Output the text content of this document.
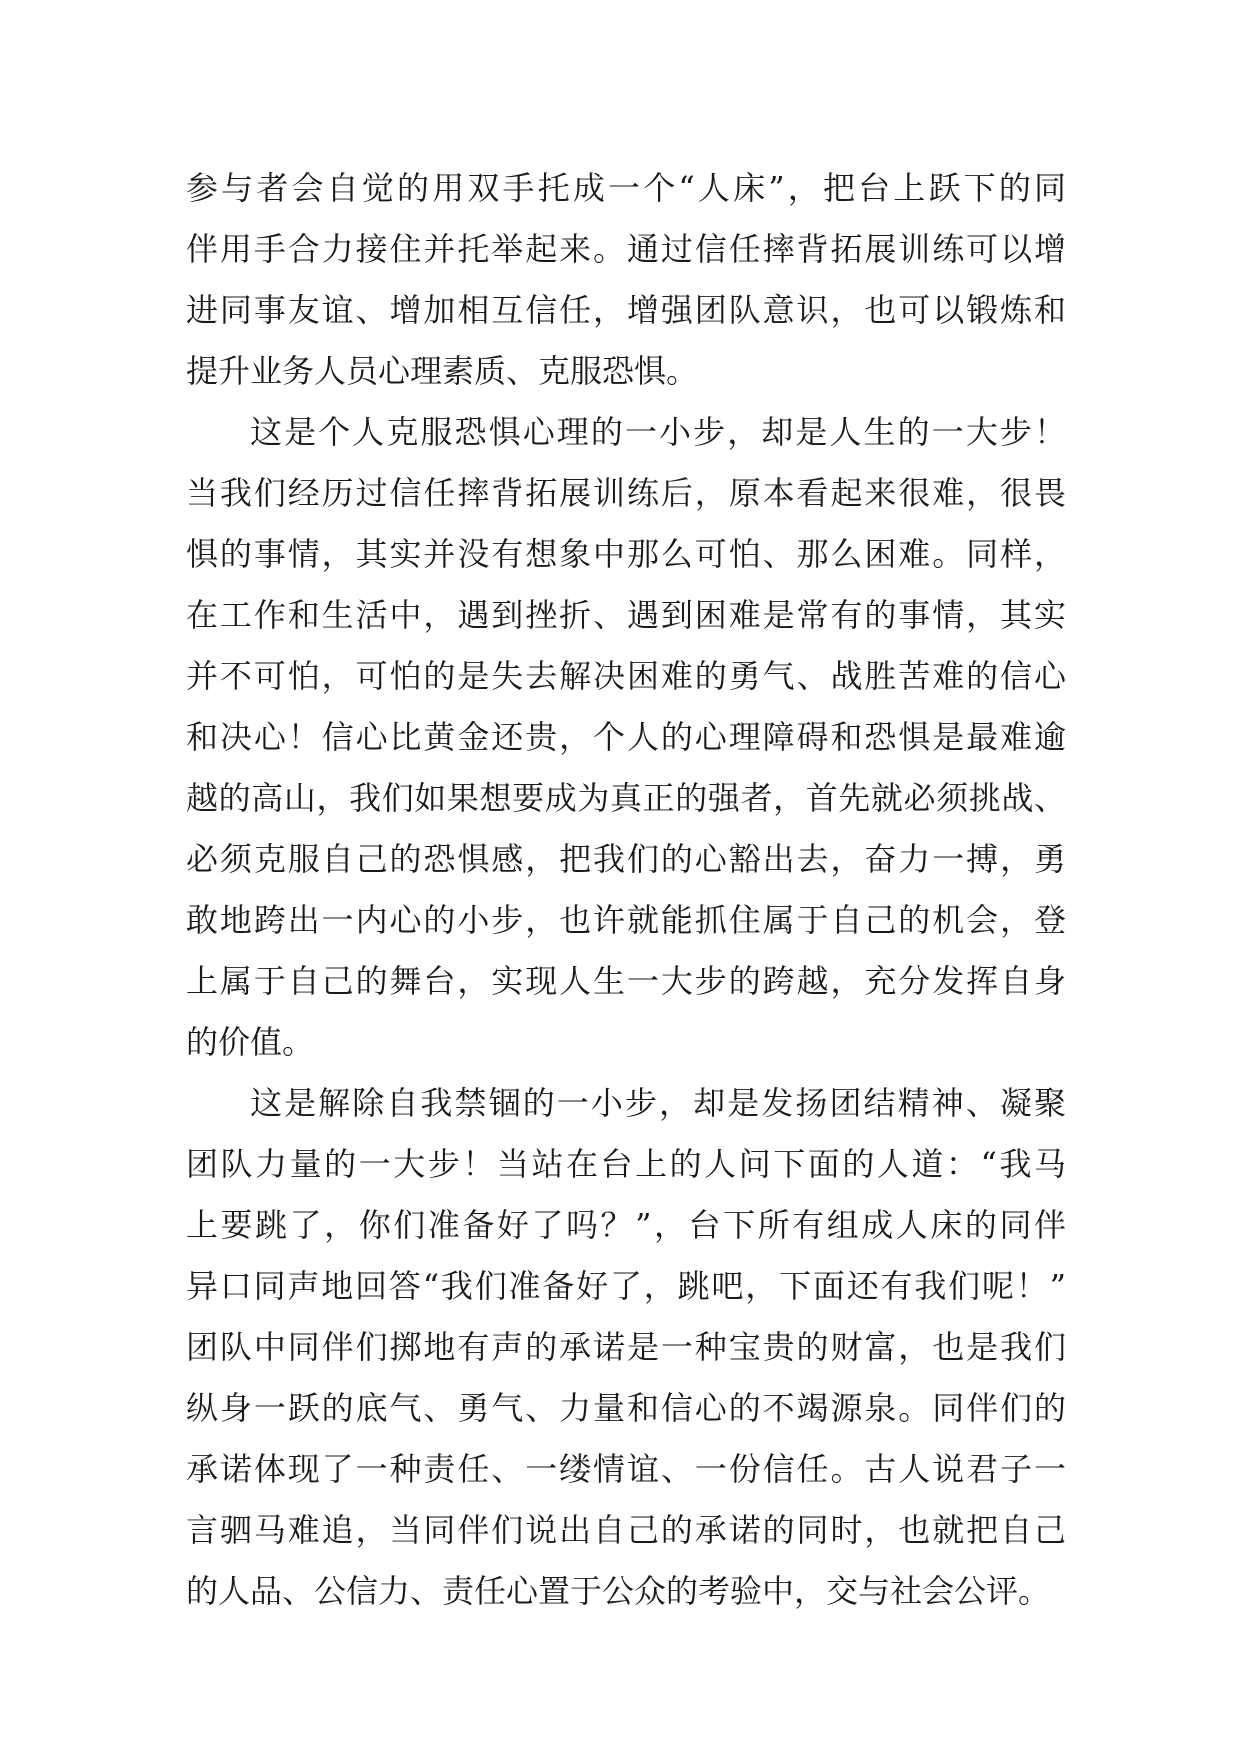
参与者会自觉的用双手托成一个“人床”，把台上跃下的同
伴用手合力接住并托举起来。通过信任摔背拓展训练可以增
进同事友谊、增加相互信任，增强团队意识，也可以锻炼和
提升业务人员心理素质、克服恐惧。
这是个人克服恐惧心理的一小步，却是人生的一大步！
当我们经历过信任摔背拓展训练后，原本看起来很难，很畏
惧的事情，其实并没有想象中那么可怕、那么困难。同样，
在工作和生活中，遇到挫折、遇到困难是常有的事情，其实
并不可怕，可怕的是失去解决困难的勇气、战胜苦难的信心
和决心！信心比黄金还贵，个人的心理障碍和恐惧是最难逾
越的高山，我们如果想要成为真正的强者，首先就必须挑战、
必须克服自己的恐惧感，把我们的心豁出去，奋力一搏，勇
敢地跨出一内心的小步，也许就能抓住属于自己的机会，登
上属于自己的舞台，实现人生一大步的跨越，充分发挥自身
的价值。
这是解除自我禁锢的一小步，却是发扬团结精神、凝聚
团队力量的一大步！当站在台上的人问下面的人道：“我马
上要跳了，你们准备好了吗？”，台下所有组成人床的同伴
异口同声地回答“我们准备好了，跳吧，下面还有我们呢！”
团队中同伴们掷地有声的承诺是一种宝贵的财富，也是我们
纵身一跃的底气、勇气、力量和信心的不竭源泉。同伴们的
承诺体现了一种责任、一缕情谊、一份信任。古人说君子一
言驷马难追，当同伴们说出自己的承诺的同时，也就把自己
的人品、公信力、责任心置于公众的考验中，交与社会公评。
